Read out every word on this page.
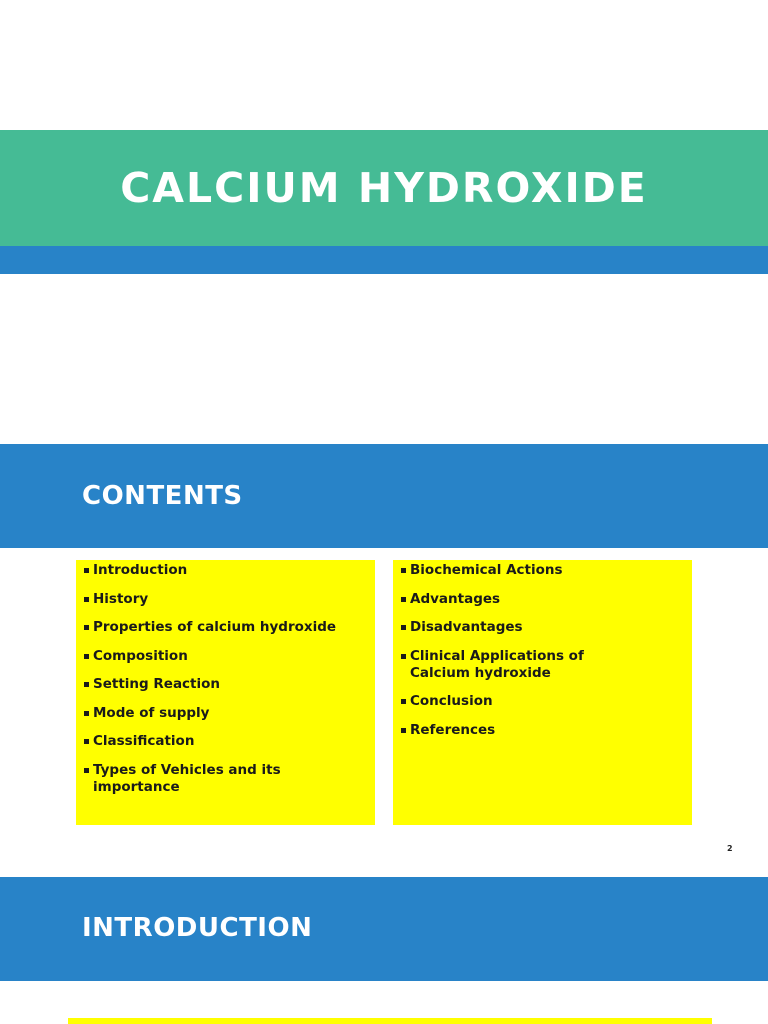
CALCIUM HYDROXIDE
CONTENTS
Introduction
History
Properties of calcium hydroxide
Composition
Setting Reaction
Mode of supply
Classification
Types of Vehicles and its importance
Biochemical Actions
Advantages
Disadvantages
Clinical Applications of Calcium hydroxide
Conclusion
References
2
INTRODUCTION
